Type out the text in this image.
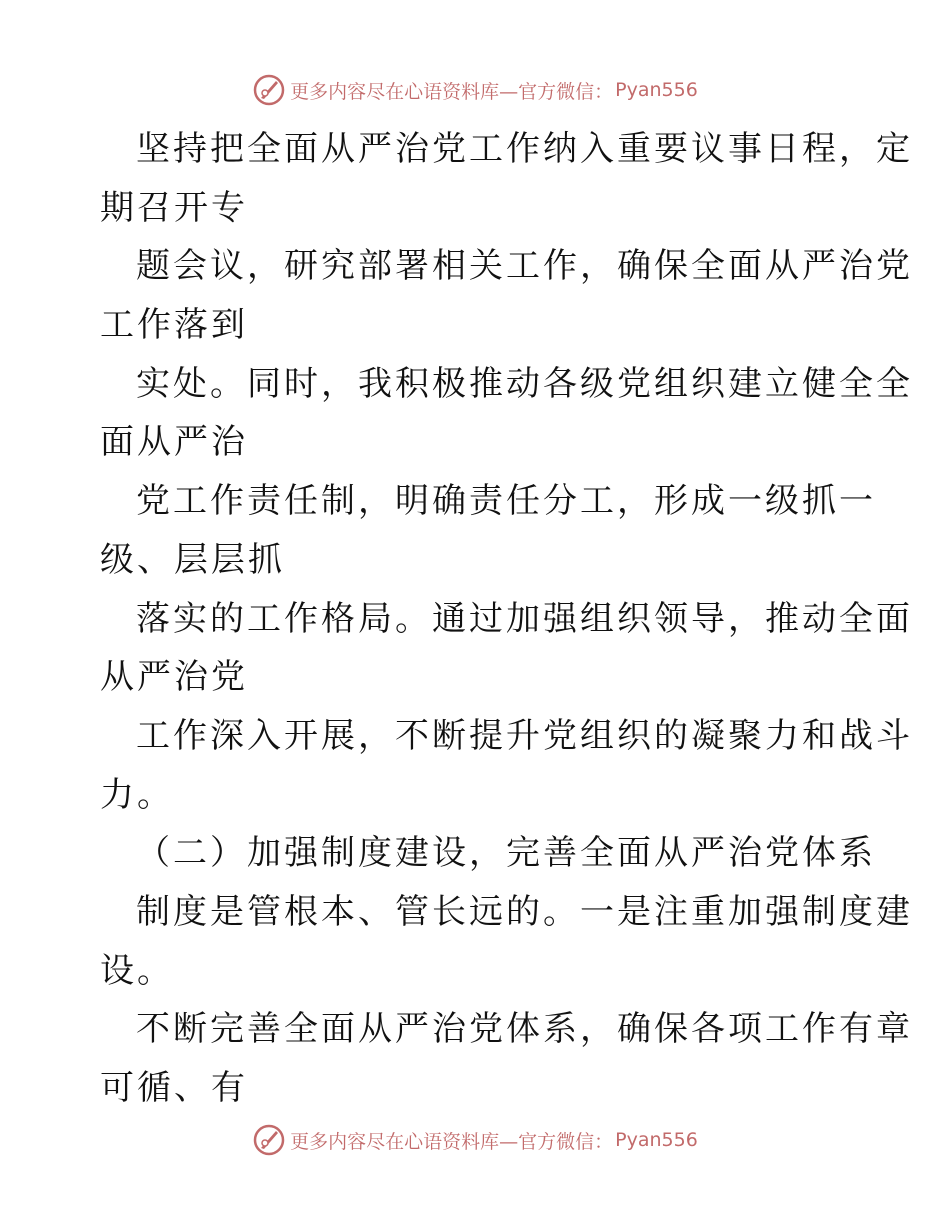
更多内容尽在心语资料库—官方微信： Pyan556
坚持把全面从严治党工作纳入重要议事日程，定
期召开专
题会议，研究部署相关工作，确保全面从严治党
工作落到
实处。同时，我积极推动各级党组织建立健全全
面从严治
党工作责任制，明确责任分工，形成一级抓一
级、层层抓
落实的工作格局。通过加强组织领导，推动全面
从严治党
工作深入开展，不断提升党组织的凝聚力和战斗
力。
（二）加强制度建设，完善全面从严治党体系
制度是管根本、管长远的。一是注重加强制度建
设。
不断完善全面从严治党体系，确保各项工作有章
可循、有
更多内容尽在心语资料库—官方微信： Pyan556
